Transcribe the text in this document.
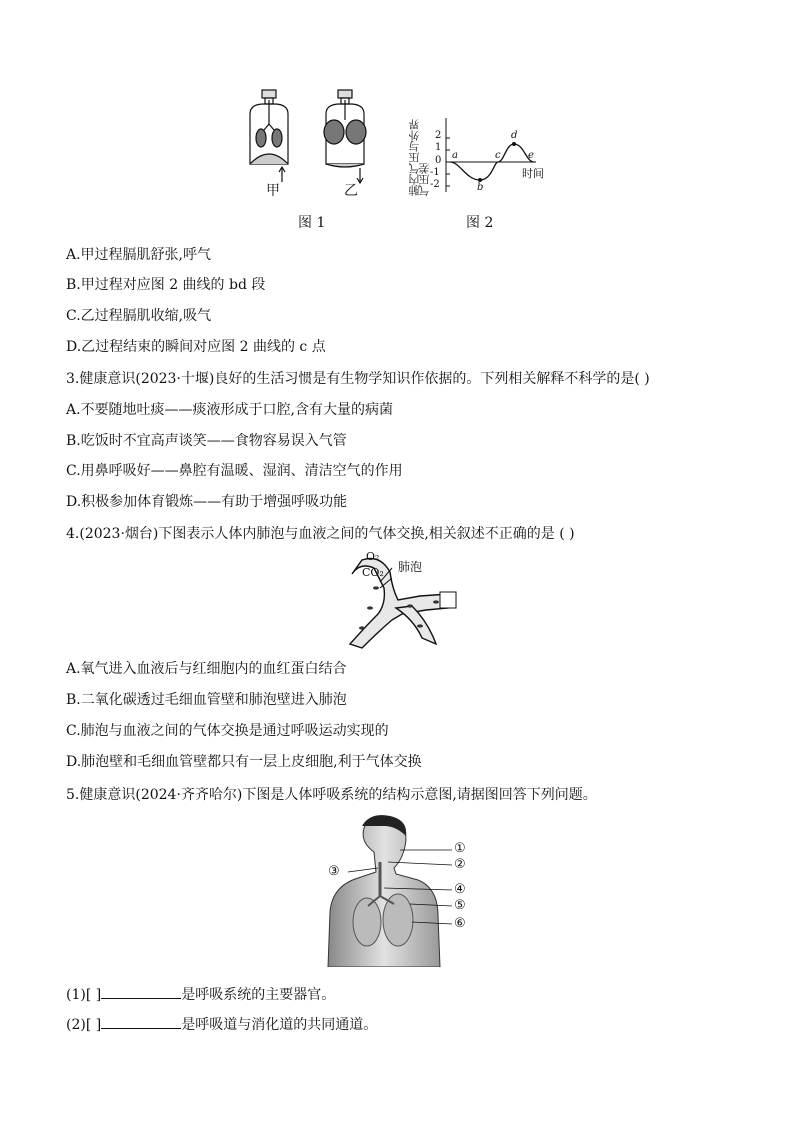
甲	乙	肺内气压与外界气压差
2
1
0
-1
-2
a
b
c
d
e
时间
图 1	图 2
A.甲过程膈肌舒张,呼气
B.甲过程对应图 2 曲线的 bd 段
C.乙过程膈肌收缩,吸气
D.乙过程结束的瞬间对应图 2 曲线的 c 点
3.健康意识(2023·十堰)良好的生活习惯是有生物学知识作依据的。下列相关解释不科学的是( )
A.不要随地吐痰——痰液形成于口腔,含有大量的病菌
B.吃饭时不宜高声谈笑——食物容易误入气管
C.用鼻呼吸好——鼻腔有温暖、湿润、清洁空气的作用
D.积极参加体育锻炼——有助于增强呼吸功能
4.(2023·烟台)下图表示人体内肺泡与血液之间的气体交换,相关叙述不正确的是 ( )
O₂
CO₂ 肺泡
A.氧气进入血液后与红细胞内的血红蛋白结合
B.二氧化碳透过毛细血管壁和肺泡壁进入肺泡
C.肺泡与血液之间的气体交换是通过呼吸运动实现的
D.肺泡壁和毛细血管壁都只有一层上皮细胞,利于气体交换
5.健康意识(2024·齐齐哈尔)下图是人体呼吸系统的结构示意图,请据图回答下列问题。
①
②
③
④
⑤
⑥
(1)[ ]	是呼吸系统的主要器官。
(2)[ ]	是呼吸道与消化道的共同通道。
